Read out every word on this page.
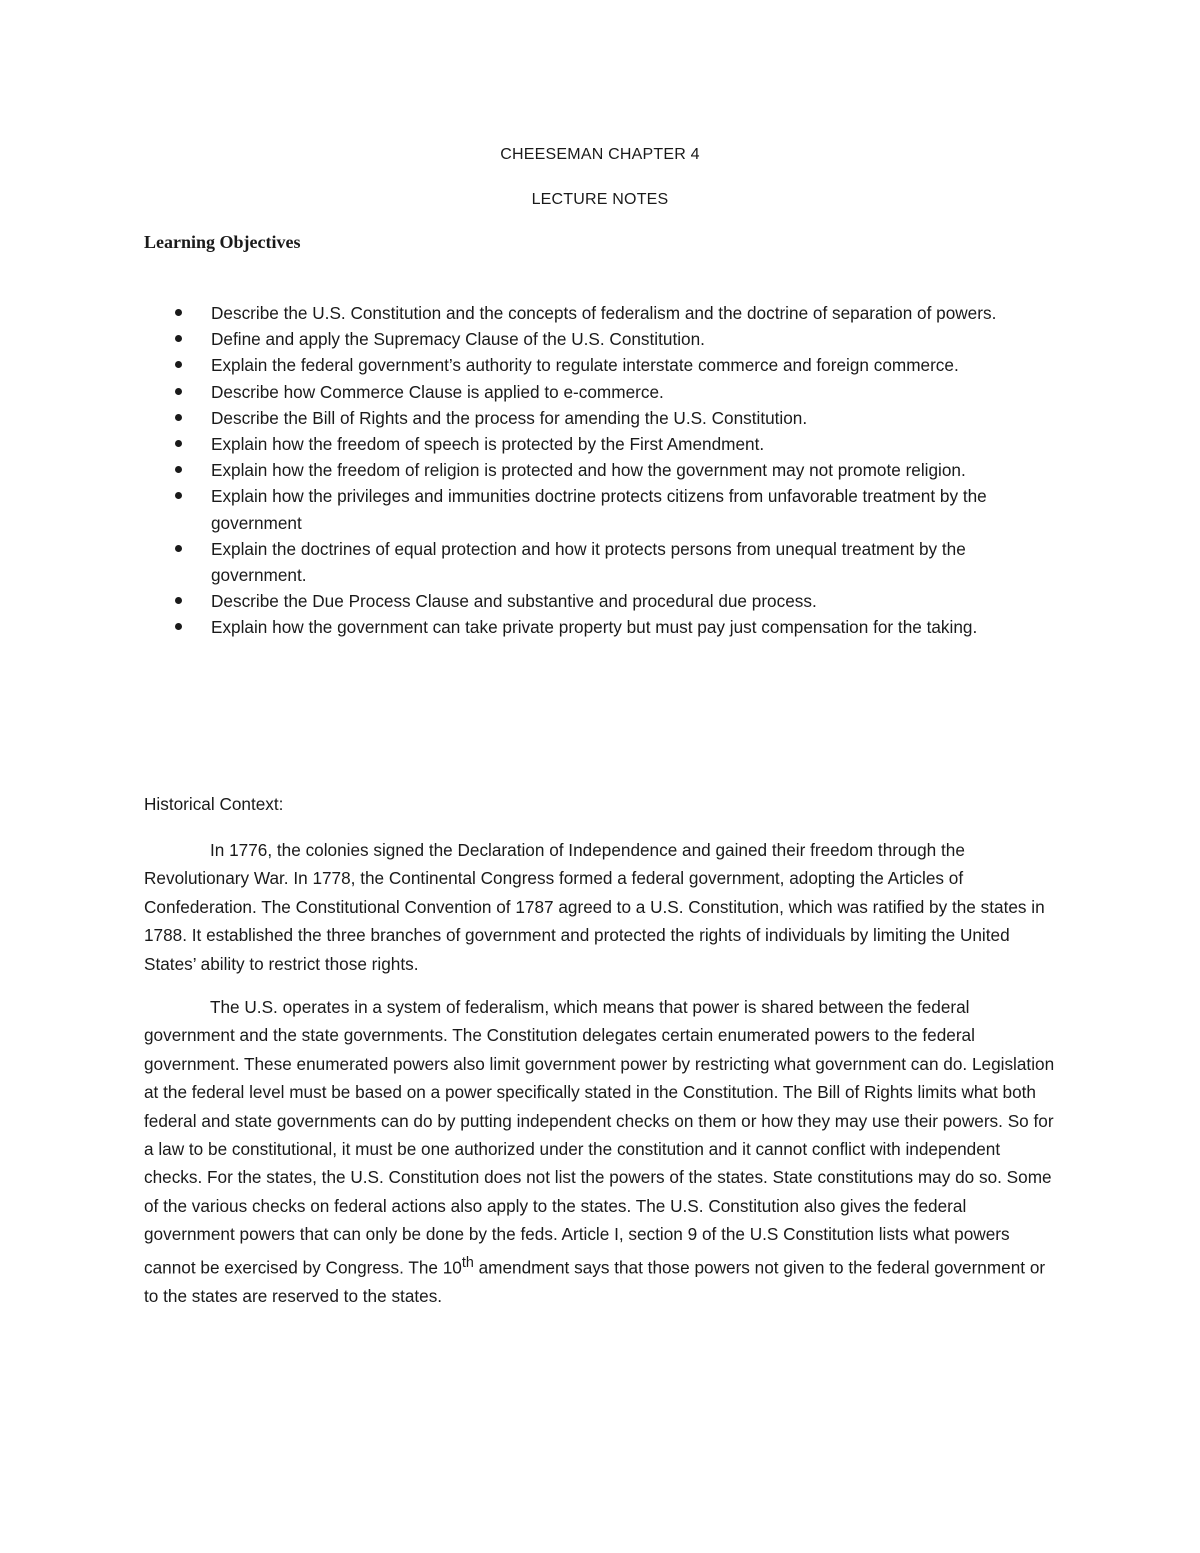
CHEESEMAN CHAPTER 4

LECTURE NOTES

Learning Objectives
Describe the U.S. Constitution and the concepts of federalism and the doctrine of separation of powers.
Define and apply the Supremacy Clause of the U.S. Constitution.
Explain the federal government’s authority to regulate interstate commerce and foreign commerce.
Describe how Commerce Clause is applied to e-commerce.
Describe the Bill of Rights and the process for amending the U.S. Constitution.
Explain how the freedom of speech is protected by the First Amendment.
Explain how the freedom of religion is protected and how the government may not promote religion.
Explain how the privileges and immunities doctrine protects citizens from unfavorable treatment by the government
Explain the doctrines of equal protection and how it protects persons from unequal treatment by the government.
Describe the Due Process Clause and substantive and procedural due process.
Explain how the government can take private property but must pay just compensation for the taking.

Historical Context:

In 1776, the colonies signed the Declaration of Independence and gained their freedom through the Revolutionary War. In 1778, the Continental Congress formed a federal government, adopting the Articles of Confederation. The Constitutional Convention of 1787 agreed to a U.S. Constitution, which was ratified by the states in 1788. It established the three branches of government and protected the rights of individuals by limiting the United States’ ability to restrict those rights.

The U.S. operates in a system of federalism, which means that power is shared between the federal government and the state governments. The Constitution delegates certain enumerated powers to the federal government. These enumerated powers also limit government power by restricting what government can do. Legislation at the federal level must be based on a power specifically stated in the Constitution. The Bill of Rights limits what both federal and state governments can do by putting independent checks on them or how they may use their powers. So for a law to be constitutional, it must be one authorized under the constitution and it cannot conflict with independent checks. For the states, the U.S. Constitution does not list the powers of the states. State constitutions may do so. Some of the various checks on federal actions also apply to the states. The U.S. Constitution also gives the federal government powers that can only be done by the feds. Article I, section 9 of the U.S Constitution lists what powers cannot be exercised by Congress. The 10th amendment says that those powers not given to the federal government or to the states are reserved to the states.
